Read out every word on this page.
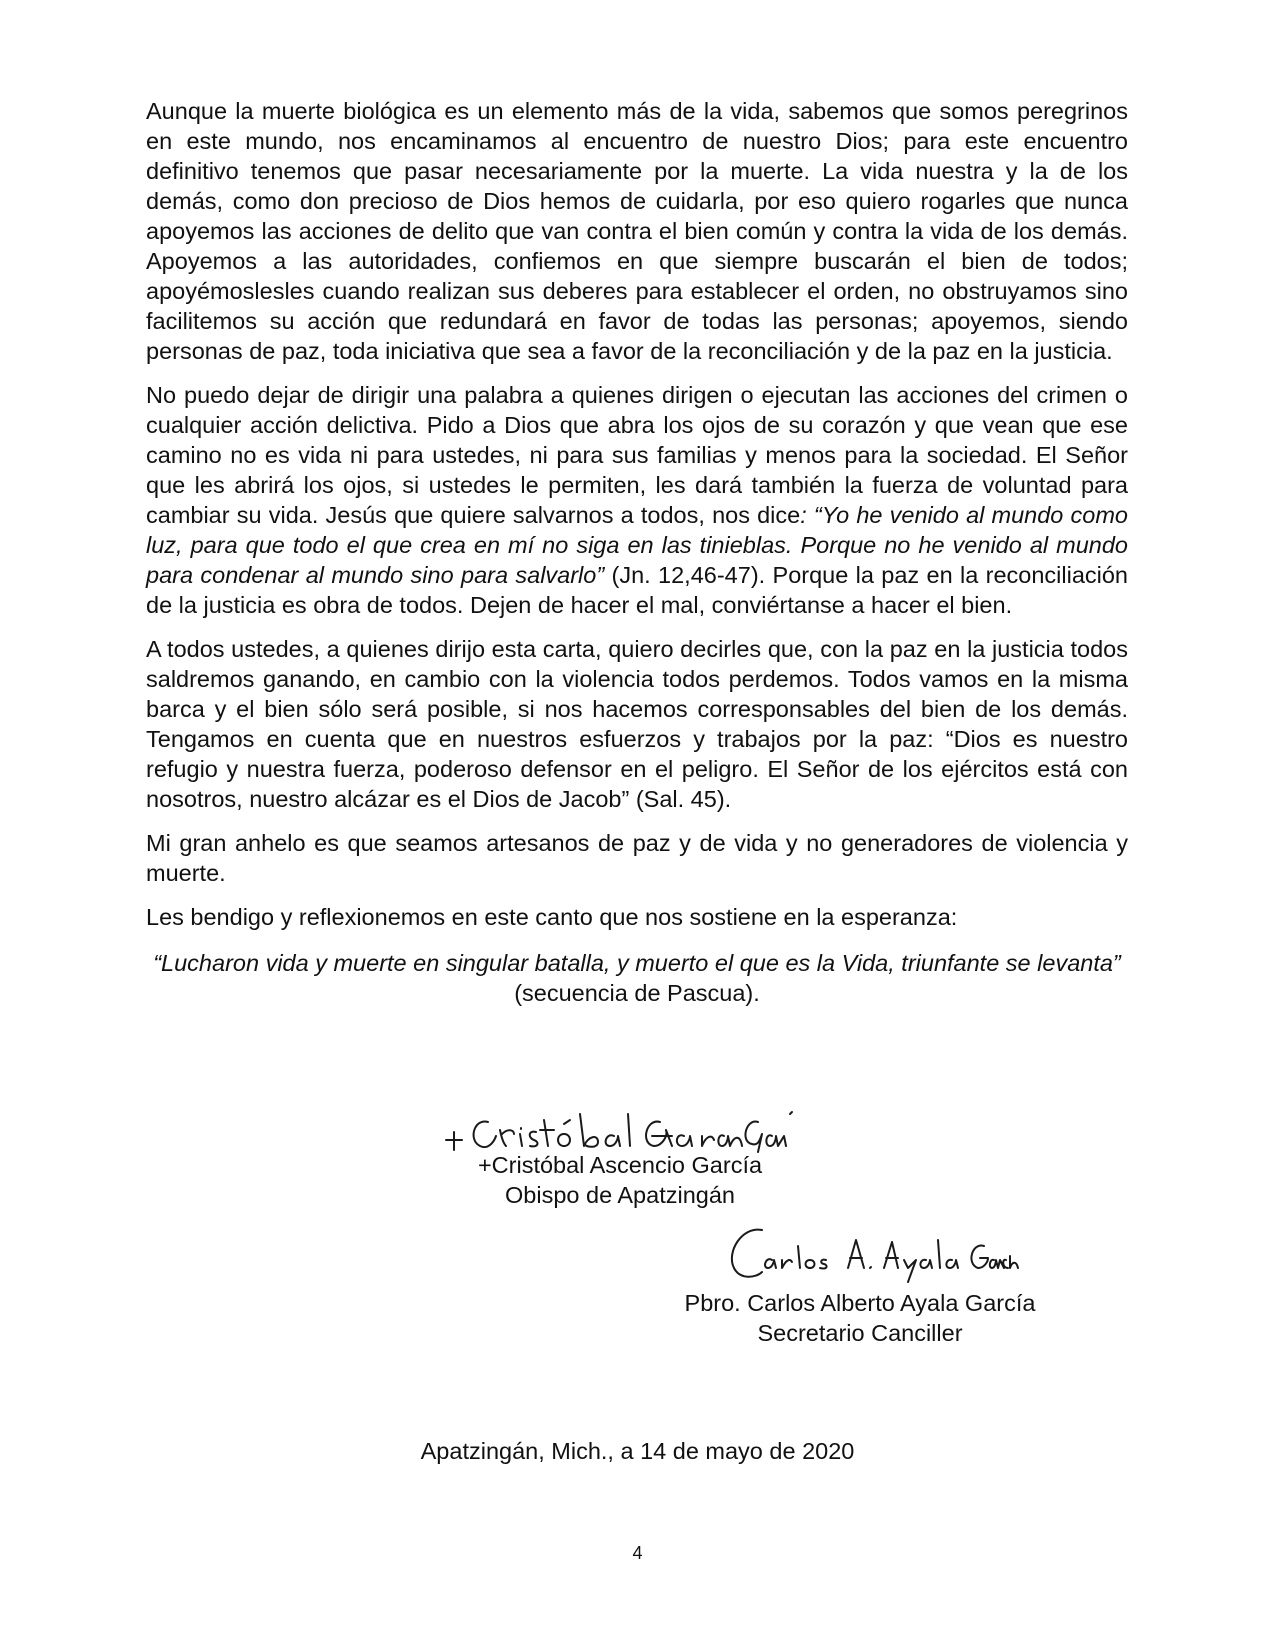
Aunque la muerte biológica es un elemento más de la vida, sabemos que somos peregrinos en este mundo, nos encaminamos al encuentro de nuestro Dios; para este encuentro definitivo tenemos que pasar necesariamente por la muerte. La vida nuestra y la de los demás, como don precioso de Dios hemos de cuidarla, por eso quiero rogarles que nunca apoyemos las acciones de delito que van contra el bien común y contra la vida de los demás. Apoyemos a las autoridades, confiemos en que siempre buscarán el bien de todos; apoyémoslesles cuando realizan sus deberes para establecer el orden, no obstruyamos sino facilitemos su acción que redundará en favor de todas las personas; apoyemos, siendo personas de paz, toda iniciativa que sea a favor de la reconciliación y de la paz en la justicia.

No puedo dejar de dirigir una palabra a quienes dirigen o ejecutan las acciones del crimen o cualquier acción delictiva. Pido a Dios que abra los ojos de su corazón y que vean que ese camino no es vida ni para ustedes, ni para sus familias y menos para la sociedad. El Señor que les abrirá los ojos, si ustedes le permiten, les dará también la fuerza de voluntad para cambiar su vida. Jesús que quiere salvarnos a todos, nos dice: “Yo he venido al mundo como luz, para que todo el que crea en mí no siga en las tinieblas. Porque no he venido al mundo para condenar al mundo sino para salvarlo” (Jn. 12,46-47). Porque la paz en la reconciliación de la justicia es obra de todos. Dejen de hacer el mal, conviértanse a hacer el bien.

A todos ustedes, a quienes dirijo esta carta, quiero decirles que, con la paz en la justicia todos saldremos ganando, en cambio con la violencia todos perdemos. Todos vamos en la misma barca y el bien sólo será posible, si nos hacemos corresponsables del bien de los demás. Tengamos en cuenta que en nuestros esfuerzos y trabajos por la paz: “Dios es nuestro refugio y nuestra fuerza, poderoso defensor en el peligro. El Señor de los ejércitos está con nosotros, nuestro alcázar es el Dios de Jacob” (Sal. 45).

Mi gran anhelo es que seamos artesanos de paz y de vida y no generadores de violencia y muerte.

Les bendigo y reflexionemos en este canto que nos sostiene en la esperanza:

“Lucharon vida y muerte en singular batalla, y muerto el que es la Vida, triunfante se levanta” (secuencia de Pascua).

+Cristóbal Ascencio García
Obispo de Apatzingán
Pbro. Carlos Alberto Ayala García
Secretario Canciller
Apatzingán, Mich., a 14 de mayo de 2020
4
